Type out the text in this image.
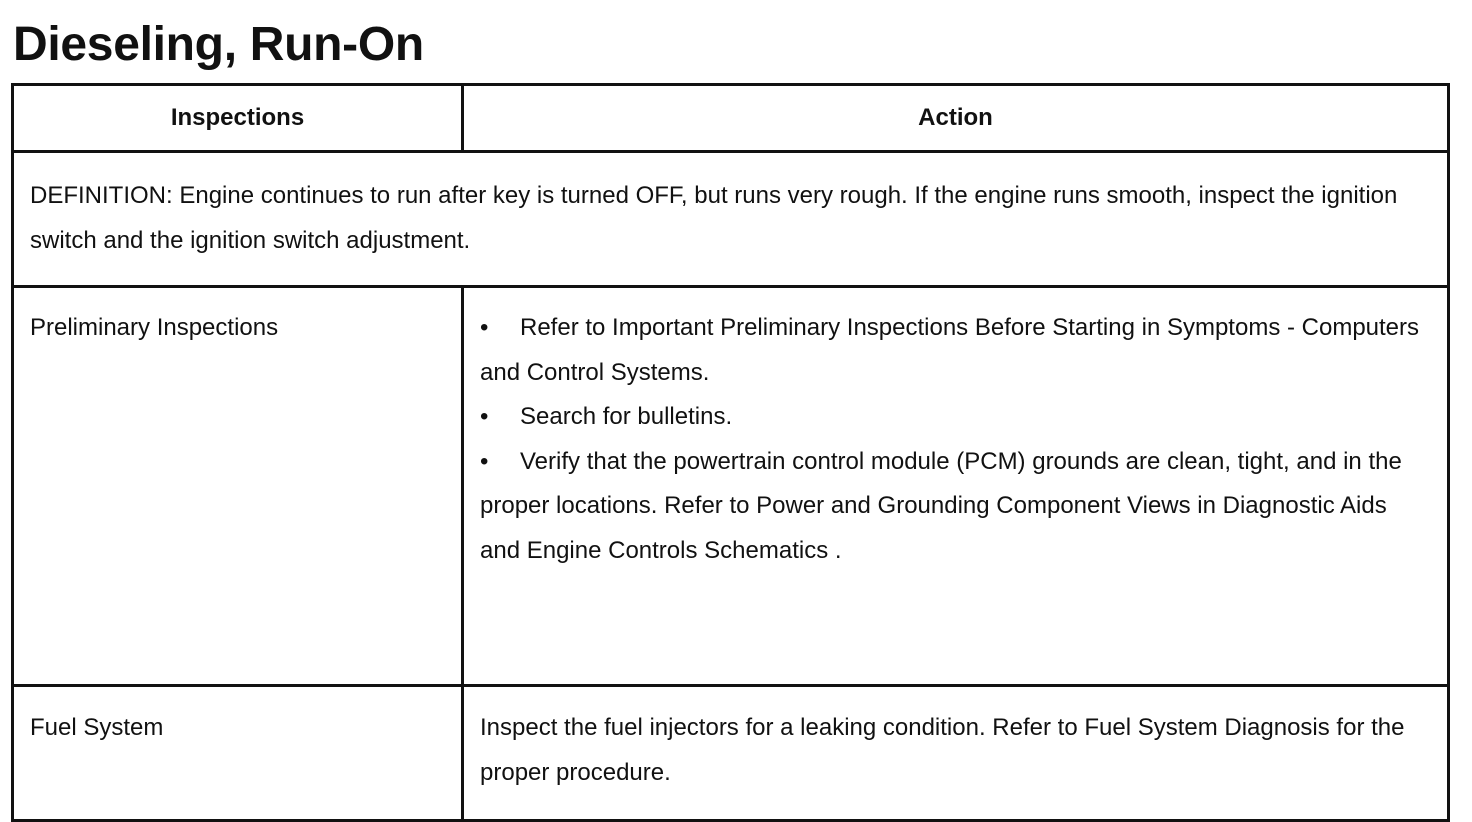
Dieseling, Run-On
Inspections	Action
DEFINITION: Engine continues to run after key is turned OFF, but runs very rough. If the engine runs smooth, inspect the ignition switch and the ignition switch adjustment.	
Preliminary Inspections	• Refer to Important Preliminary Inspections Before Starting in Symptoms - Computers and Control Systems.
• Search for bulletins.
• Verify that the powertrain control module (PCM) grounds are clean, tight, and in the proper locations. Refer to Power and Grounding Component Views in Diagnostic Aids and Engine Controls Schematics .

Fuel System	Inspect the fuel injectors for a leaking condition. Refer to Fuel System Diagnosis for the proper procedure.
